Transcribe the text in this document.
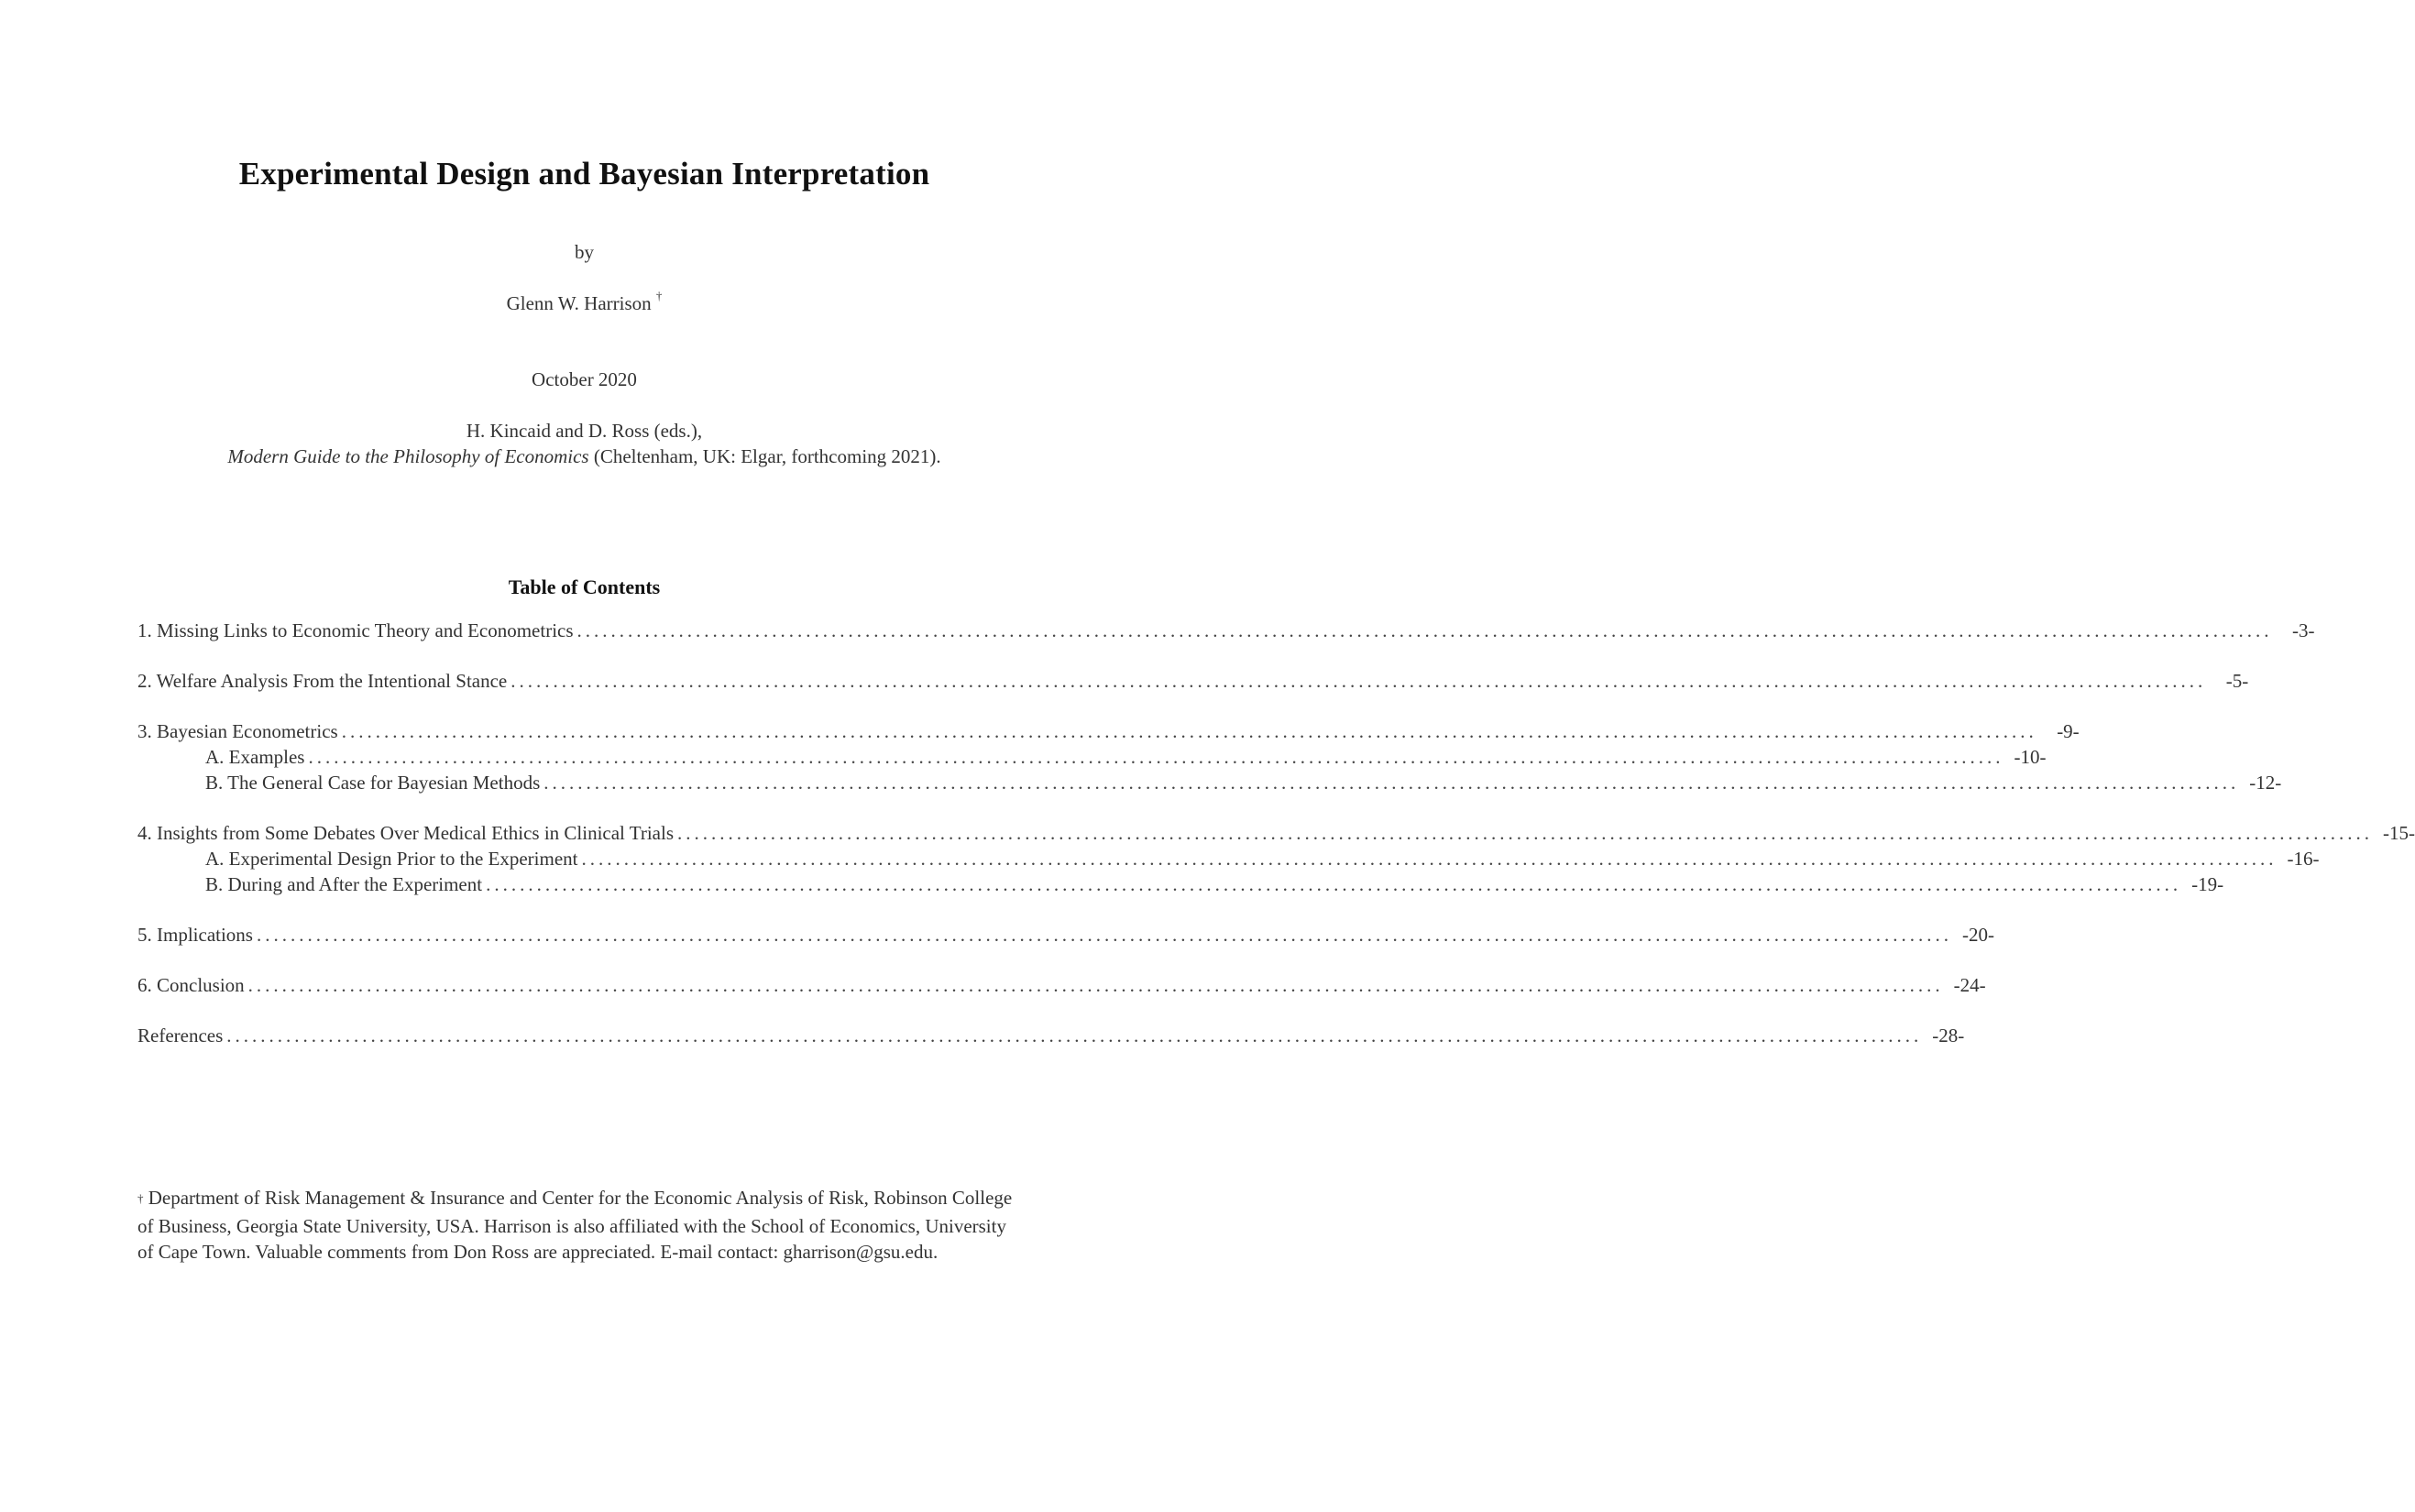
Experimental Design and Bayesian Interpretation
by
Glenn W. Harrison †
October 2020
H. Kincaid and D. Ross (eds.),
Modern Guide to the Philosophy of Economics (Cheltenham, UK: Elgar, forthcoming 2021).
Table of Contents
1. Missing Links to Economic Theory and Econometrics ........................................................................................................................................................................................................	-3-
2. Welfare Analysis From the Intentional Stance ........................................................................................................................................................................................................	-5-
3. Bayesian Econometrics ........................................................................................................................................................................................................	-9-
A. Examples ........................................................................................................................................................................................................ -10-
B. The General Case for Bayesian Methods ........................................................................................................................................................................................................ -12-
4. Insights from Some Debates Over Medical Ethics in Clinical Trials ........................................................................................................................................................................................................ -15-
A. Experimental Design Prior to the Experiment ........................................................................................................................................................................................................ -16-
B. During and After the Experiment ........................................................................................................................................................................................................ -19-
5. Implications ........................................................................................................................................................................................................ -20-
6. Conclusion ........................................................................................................................................................................................................ -24-
References ........................................................................................................................................................................................................ -28-
† Department of Risk Management & Insurance and Center for the Economic Analysis of Risk, Robinson College of Business, Georgia State University, USA. Harrison is also affiliated with the School of Economics, University of Cape Town. Valuable comments from Don Ross are appreciated. E-mail contact: gharrison@gsu.edu.
